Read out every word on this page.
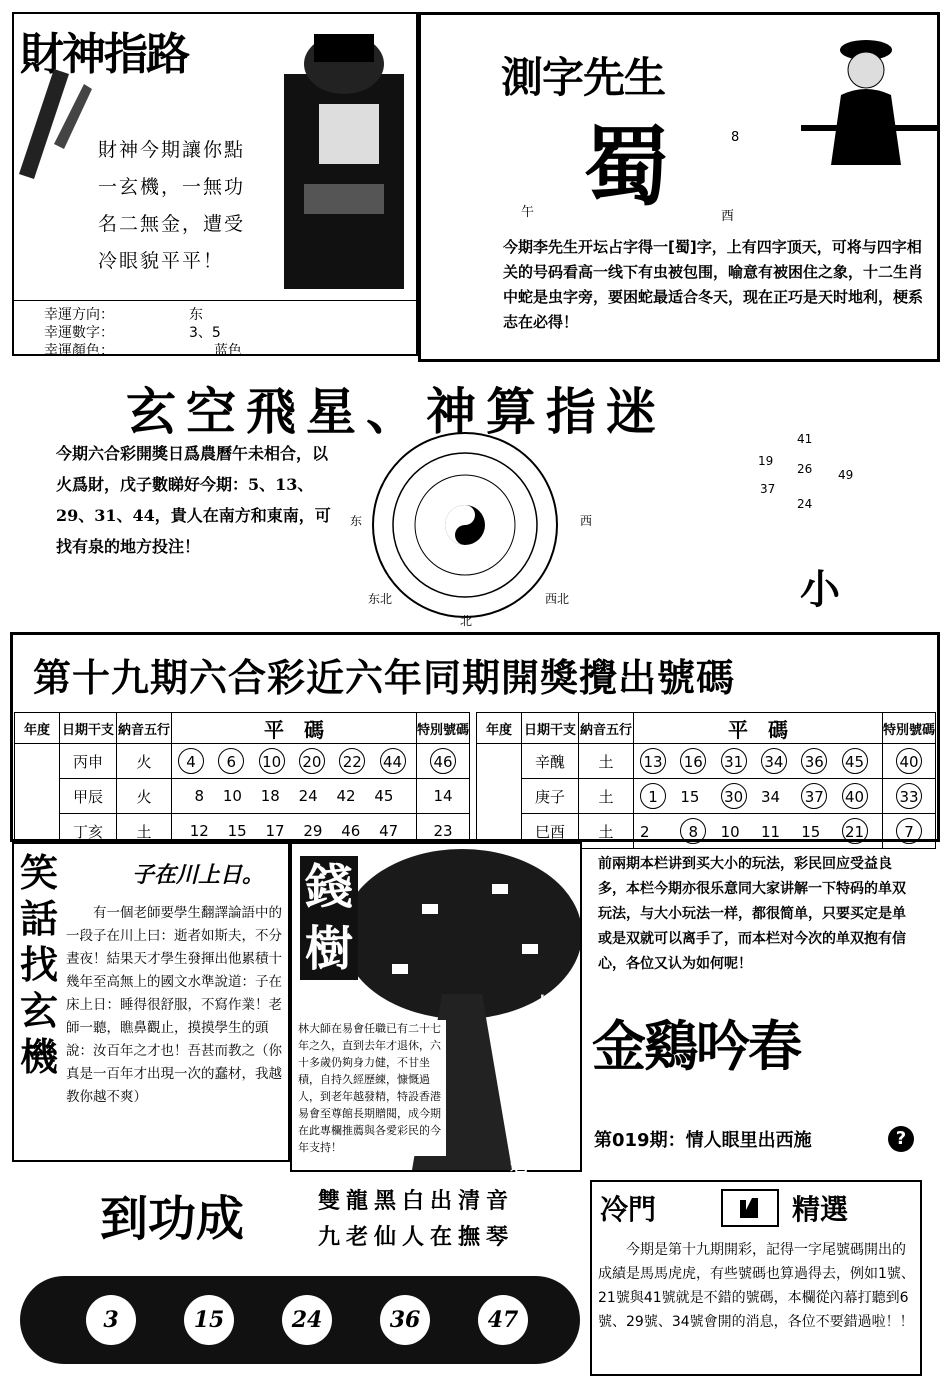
財神指路
財神今期讓你點一玄機，一無功名二無金，遭受冷眼貌平平！
幸運方向：	东
幸運數字：	3、5
幸運顏色：	蓝色
測字先生
蜀	8
午	酉
今期李先生开坛占字得一[蜀]字，上有四字顶天，可将与四字相关的号码看高一线下有虫被包围，喻意有被困住之象，十二生肖中蛇是虫字旁，要困蛇最适合冬天，现在正巧是天时地利，梗系志在必得！
玄空飛星、神算指迷
今期六合彩開獎日爲農曆午未相合，以火爲財，戊子數睇好今期：5、13、29、31、44，貴人在南方和東南，可找有泉的地方投注！
东	西
东北	西北
北
41
19
26 49
37
24
小
第十九期六合彩近六年同期開獎攪出號碼
年度	日期干支	納音五行	平　碼	特別號碼
	丙申	火	4 6 10 20 22 44	46
	甲辰	火	8 10 18 24 42 45	14
	丁亥	土	12 15 17 29 46 47	23
年度	日期干支	納音五行	平　碼	特別號碼
	辛醜	土	13 16 31 34 36 45	40
	庚子	土	1 15 30 34 37 40	33
	巳酉	土	2 8 10 11 15 21	7
笑話找玄機
子在川上日。
有一個老師要學生翻譯論語中的一段子在川上曰：逝者如斯夫，不分晝夜！結果天才學生發揮出他累積十幾年至高無上的國文水準說道：子在床上日：睡得很舒服，不寫作業！老師一聽，瞧鼻觀止，摸摸學生的頭說：汝百年之才也！吾甚而教之（你真是一百年才出現一次的蠢材，我越教你越不爽）
錢樹
请用放大镜细看
树上钱币暗藏玄机
林大師在易會任職已有二十七年之久，直到去年才退休，六十多歲仍夠身力健，不甘坐積，自持久經歷練，慷慨過人，到老年越發精，特設香港易會至尊館長期贈閱，成今期在此專欄推薦與各愛彩民的今年支持！
前兩期本栏讲到买大小的玩法，彩民回应受益良多，本栏今期亦很乐意同大家讲解一下特码的单双玩法，与大小玩法一样，都很简单，只要买定是单或是双就可以离手了，而本栏对今次的单双抱有信心，各位又认为如何呢！
金鷄吟春
第019期：情人眼里出西施	?
到功成	雙龍黑白出清音
九老仙人在撫琴
3	15	24	36	47
冷門	精選
今期是第十九期開彩，記得一字尾號碼開出的成績是馬馬虎虎，有些號碼也算過得去，例如1號、21號與41號就是不錯的號碼，本欄從內幕打聽到6號、29號、34號會開的消息，各位不要錯過啦！！
